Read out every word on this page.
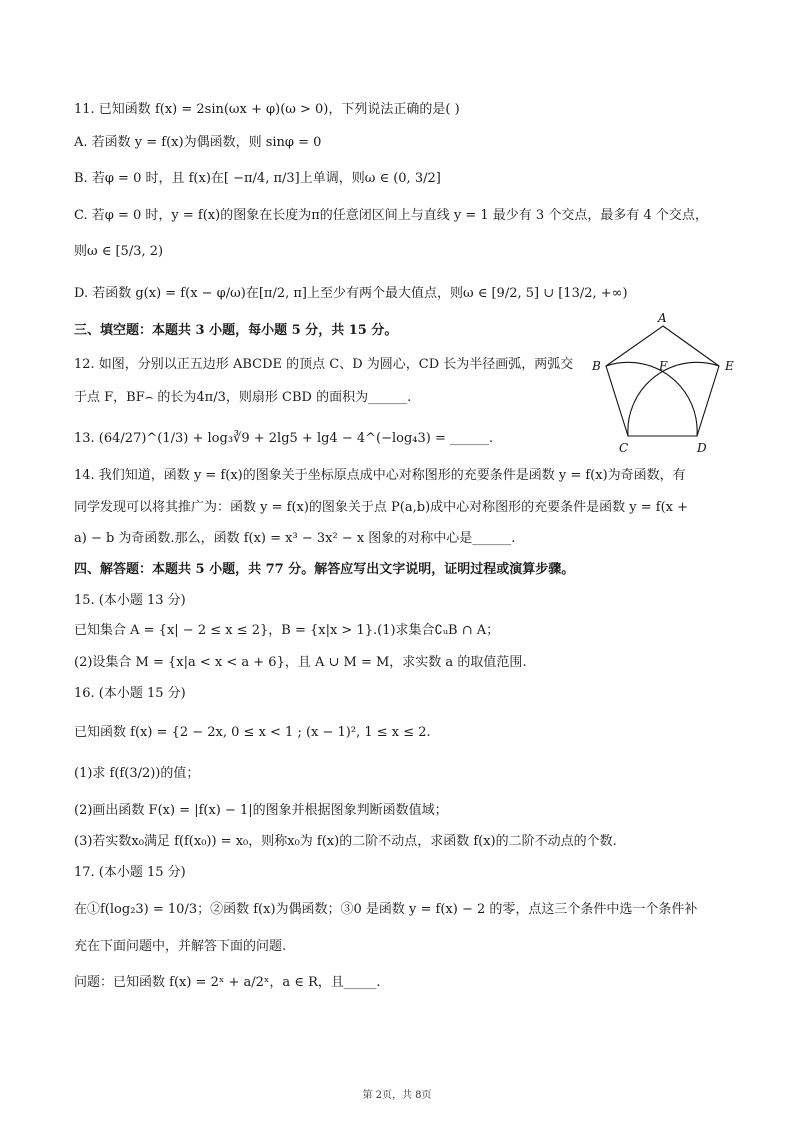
11. 已知函数 f(x) = 2sin(ωx + φ)(ω > 0)，下列说法正确的是( )
A. 若函数 y = f(x)为偶函数，则 sinφ = 0
B. 若φ = 0 时，且 f(x)在[ −π/4, π/3]上单调，则ω ∈ (0, 3/2]
C. 若φ = 0 时，y = f(x)的图象在长度为π的任意闭区间上与直线 y = 1 最少有 3 个交点，最多有 4 个交点，
则ω ∈ [5/3, 2)
D. 若函数 g(x) = f(x − φ/ω)在[π/2, π]上至少有两个最大值点，则ω ∈ [9/2, 5] ∪ [13/2, +∞)
三、填空题：本题共 3 小题，每小题 5 分，共 15 分。
12. 如图，分别以正五边形 ABCDE 的顶点 C、D 为圆心，CD 长为半径画弧，两弧交
于点 F，BF⌢ 的长为4π/3，则扇形 CBD 的面积为______.
13. (64/27)^(1/3) + log₃∛9 + 2lg5 + lg4 − 4^(−log₄3) = ______.
14. 我们知道，函数 y = f(x)的图象关于坐标原点成中心对称图形的充要条件是函数 y = f(x)为奇函数，有
同学发现可以将其推广为：函数 y = f(x)的图象关于点 P(a,b)成中心对称图形的充要条件是函数 y = f(x +
a) − b 为奇函数.那么，函数 f(x) = x³ − 3x² − x 图象的对称中心是______.
四、解答题：本题共 5 小题，共 77 分。解答应写出文字说明，证明过程或演算步骤。
15. (本小题 13 分)
已知集合 A = {x| − 2 ≤ x ≤ 2}，B = {x|x > 1}.(1)求集合∁ᵤB ∩ A；
(2)设集合 M = {x|a < x < a + 6}，且 A ∪ M = M，求实数 a 的取值范围.
16. (本小题 15 分)
已知函数 f(x) = {2 − 2x, 0 ≤ x < 1 ; (x − 1)², 1 ≤ x ≤ 2.
(1)求 f(f(3/2))的值；
(2)画出函数 F(x) = |f(x) − 1|的图象并根据图象判断函数值域；
(3)若实数x₀满足 f(f(x₀)) = x₀，则称x₀为 f(x)的二阶不动点，求函数 f(x)的二阶不动点的个数.
17. (本小题 15 分)
在①f(log₂3) = 10/3；②函数 f(x)为偶函数；③0 是函数 y = f(x) − 2 的零，点这三个条件中选一个条件补
充在下面问题中，并解答下面的问题.
问题：已知函数 f(x) = 2ˣ + a/2ˣ，a ∈ R，且_____.
A
B	E
F
C	D
第 2页，共 8页
